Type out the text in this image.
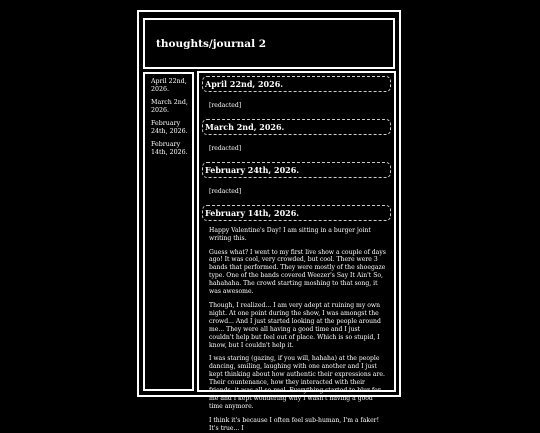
thoughts/journal 2
April 22nd, 2026.
March 2nd, 2026.
February 24th, 2026.
February 14th, 2026.
April 22nd, 2026.
[redacted]
March 2nd, 2026.
[redacted]
February 24th, 2026.
[redacted]
February 14th, 2026.

Happy Valentine's Day! I am sitting in a burger joint writing this.

Guess what? I went to my first live show a couple of days ago! It was cool, very crowded, but cool. There were 3 bands that performed. They were mostly of the shoegaze type. One of the bands covered Weezer's Say It Ain't So, hahahaha. The crowd starting moshing to that song, it was awesome.

Though, I realized... I am very adept at ruining my own night. At one point during the show, I was amongst the crowd... And I just started looking at the people around me... They were all having a good time and I just couldn't help but feel out of place. Which is so stupid, I know, but I couldn't help it.

I was staring (gazing, if you will, hahaha) at the people dancing, smiling, laughing with one another and I just kept thinking about how authentic their expressions are. Their countenance, how they interacted with their friends--it was all so real. Everything started to blur for me and I kept wondering why I wasn't having a good time anymore.

I think it's because I often feel sub-human, I'm a faker! It's true... I
